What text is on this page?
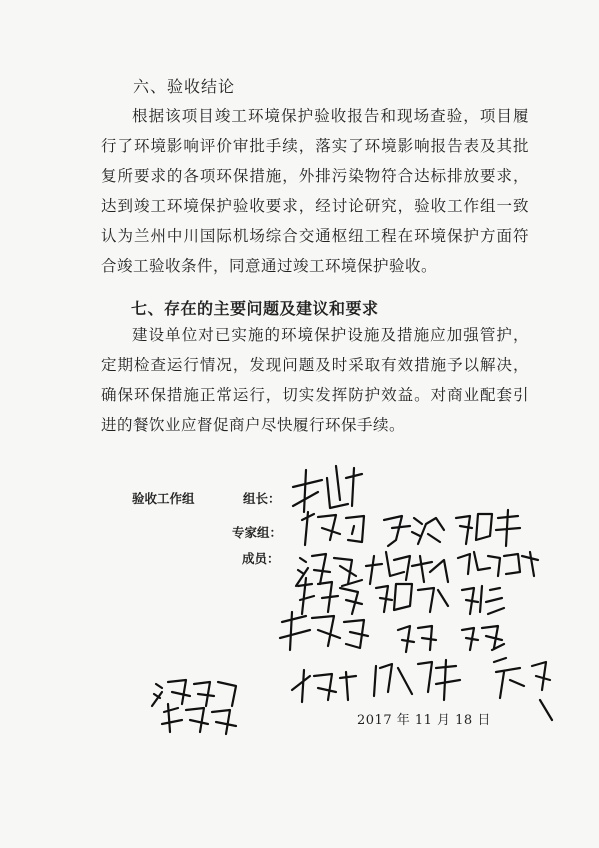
六、验收结论
根据该项目竣工环境保护验收报告和现场查验，项目履行了环境影响评价审批手续，落实了环境影响报告表及其批复所要求的各项环保措施，外排污染物符合达标排放要求，达到竣工环境保护验收要求，经讨论研究，验收工作组一致认为兰州中川国际机场综合交通枢纽工程在环境保护方面符合竣工验收条件，同意通过竣工环境保护验收。
七、存在的主要问题及建议和要求
建设单位对已实施的环境保护设施及措施应加强管护，定期检查运行情况，发现问题及时采取有效措施予以解决，确保环保措施正常运行，切实发挥防护效益。对商业配套引进的餐饮业应督促商户尽快履行环保手续。
验收工作组	组长：
专家组：
成员：
2017 年 11 月 18 日
